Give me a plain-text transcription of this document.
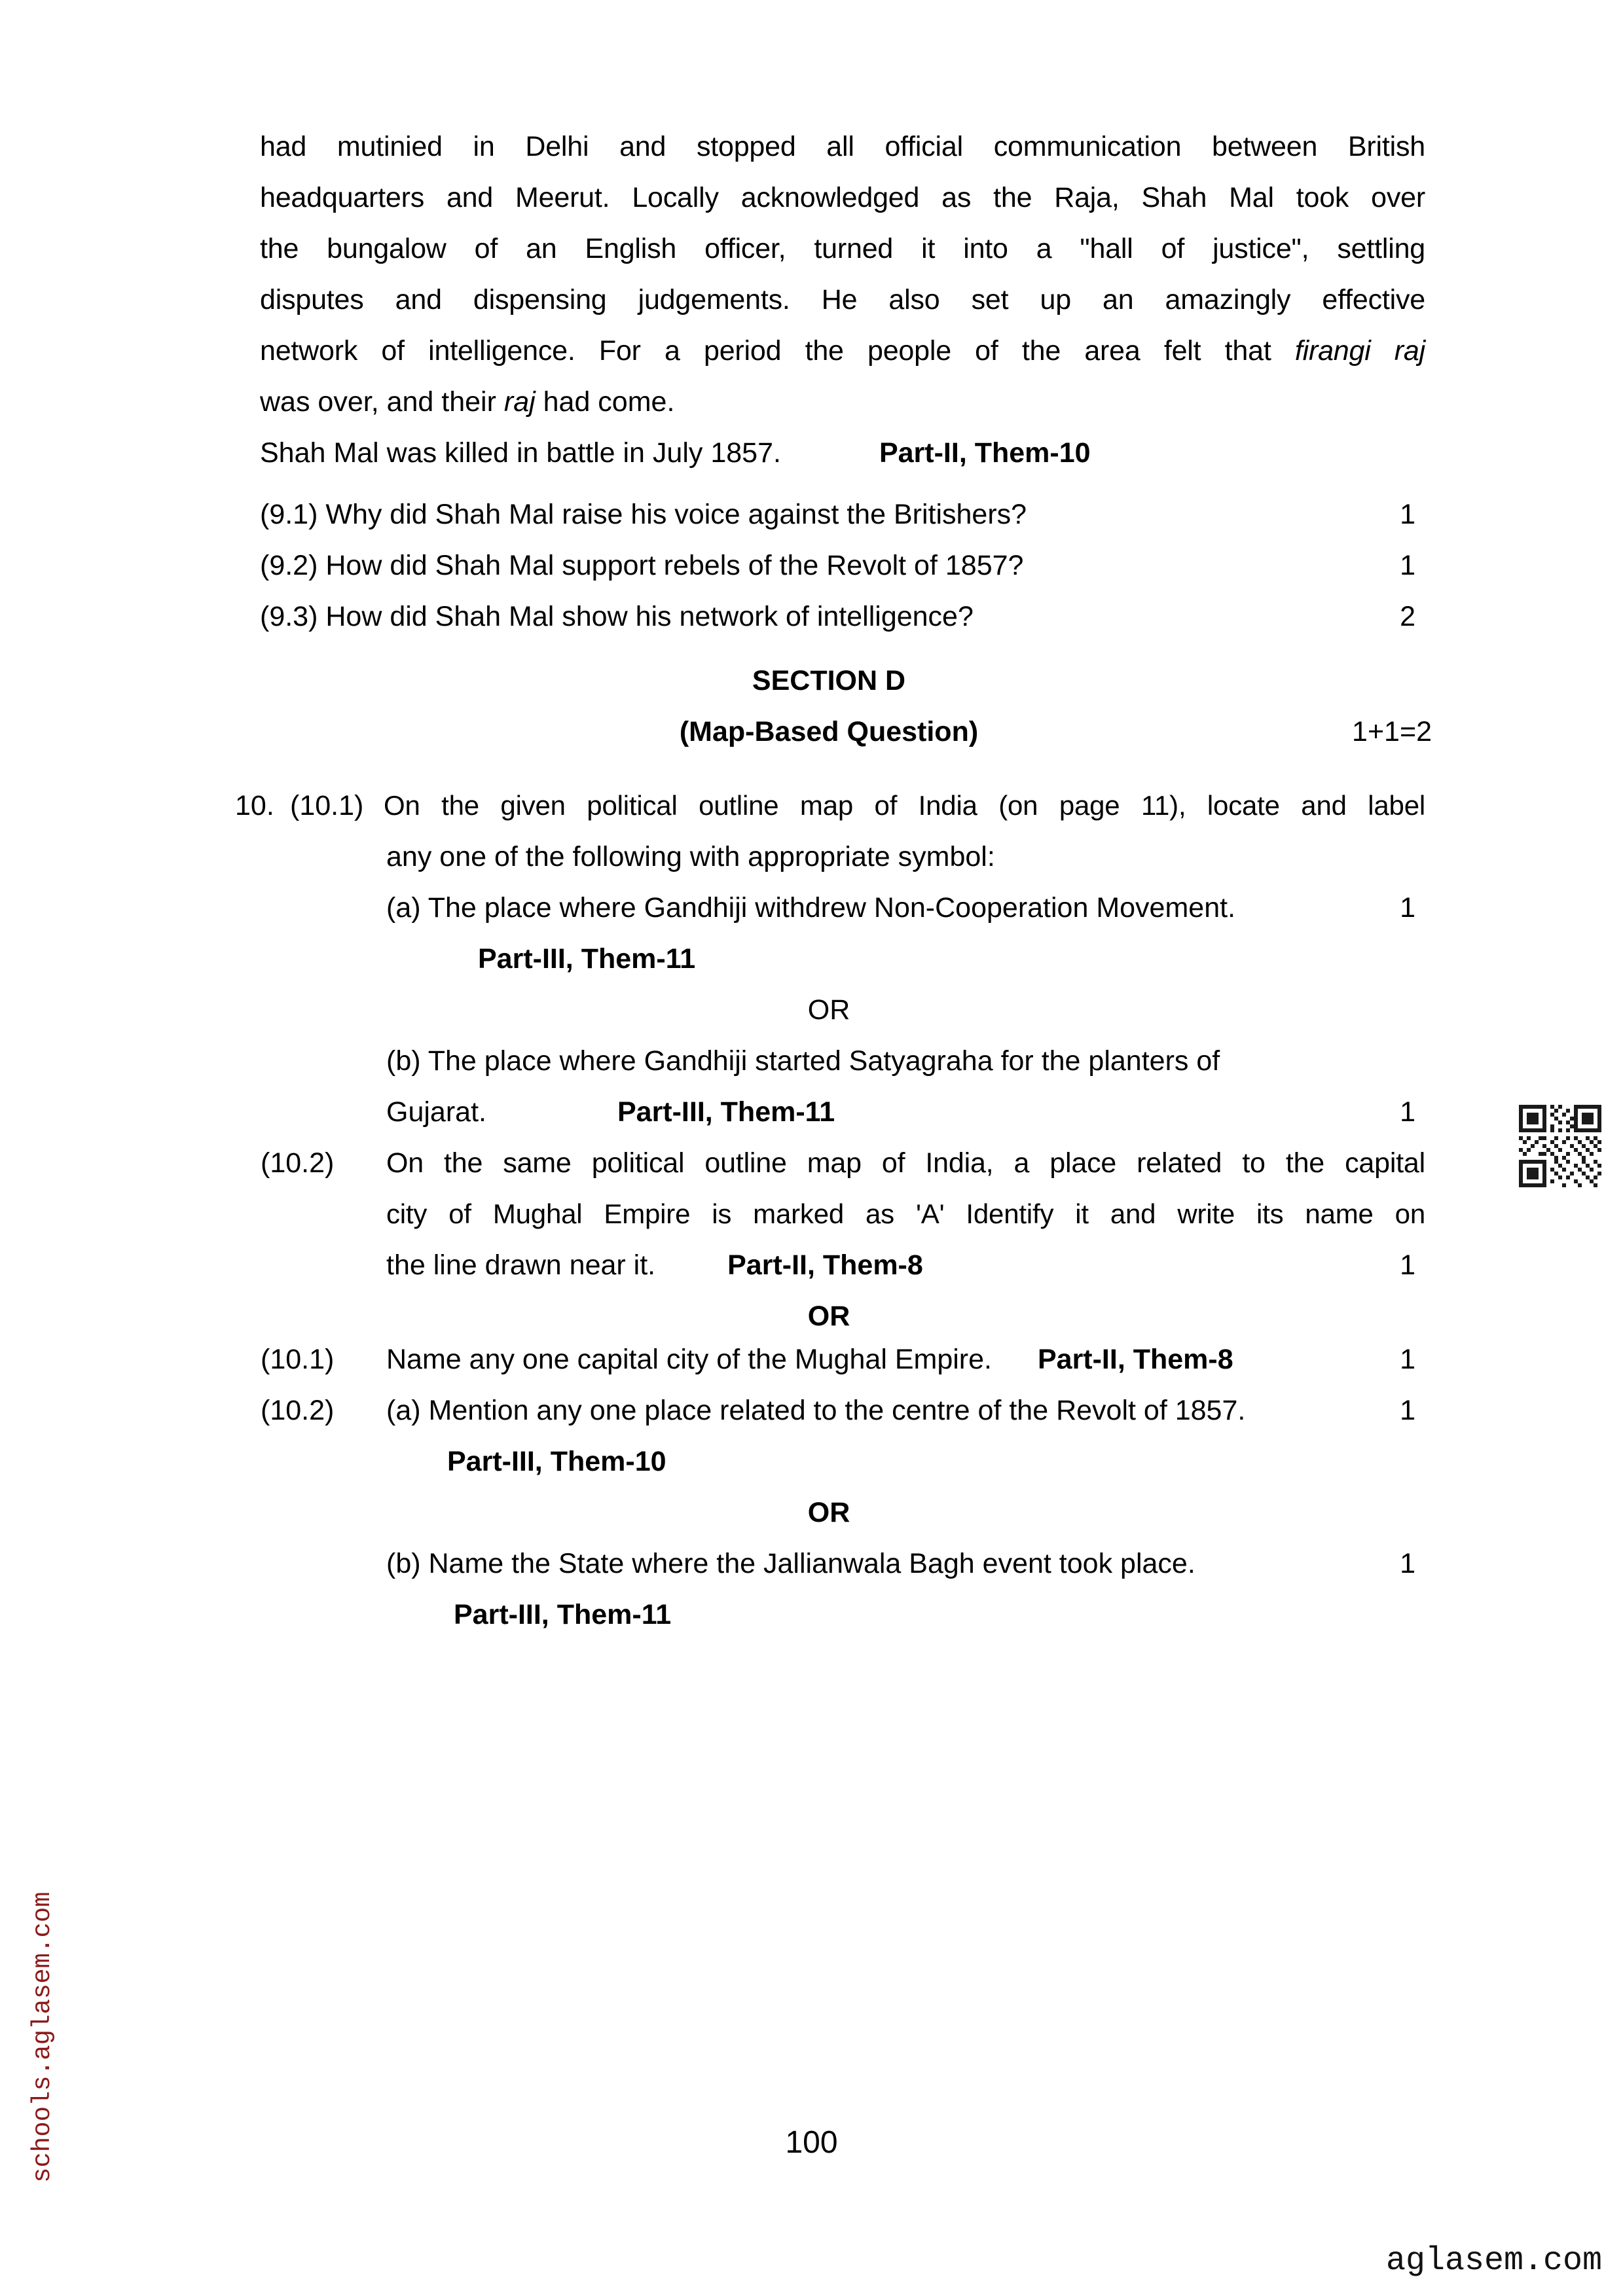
had mutinied in Delhi and stopped all official communication between British
headquarters and Meerut. Locally acknowledged as the Raja, Shah Mal took over
the bungalow of an English officer, turned it into a "hall of justice", settling
disputes and dispensing judgements. He also set up an amazingly effective
network of intelligence. For a period the people of the area felt that firangi raj
was over, and their raj had come.
Shah Mal was killed in battle in July 1857.	Part-II, Them-10
(9.1) Why did Shah Mal raise his voice against the Britishers?	1
(9.2) How did Shah Mal support rebels of the Revolt of 1857?	1
(9.3) How did Shah Mal show his network of intelligence?	2
SECTION D
(Map-Based Question)	1+1=2
10. (10.1) On the given political outline map of India (on page 11), locate and label
any one of the following with appropriate symbol:
(a) The place where Gandhiji withdrew Non-Cooperation Movement.	1
Part-III, Them-11
OR
(b) The place where Gandhiji started Satyagraha for the planters of
Gujarat.	Part-III, Them-11	1
(10.2)	On the same political outline map of India, a place related to the capital
city of Mughal Empire is marked as 'A' Identify it and write its name on
the line drawn near it.	Part-II, Them-8	1
OR
(10.1)	Name any one capital city of the Mughal Empire. Part-II, Them-8	1
(10.2)	(a) Mention any one place related to the centre of the Revolt of 1857.	1
Part-III, Them-10
OR
(b) Name the State where the Jallianwala Bagh event took place.	1
Part-III, Them-11
100
schools.aglasem.com
aglasem.com
